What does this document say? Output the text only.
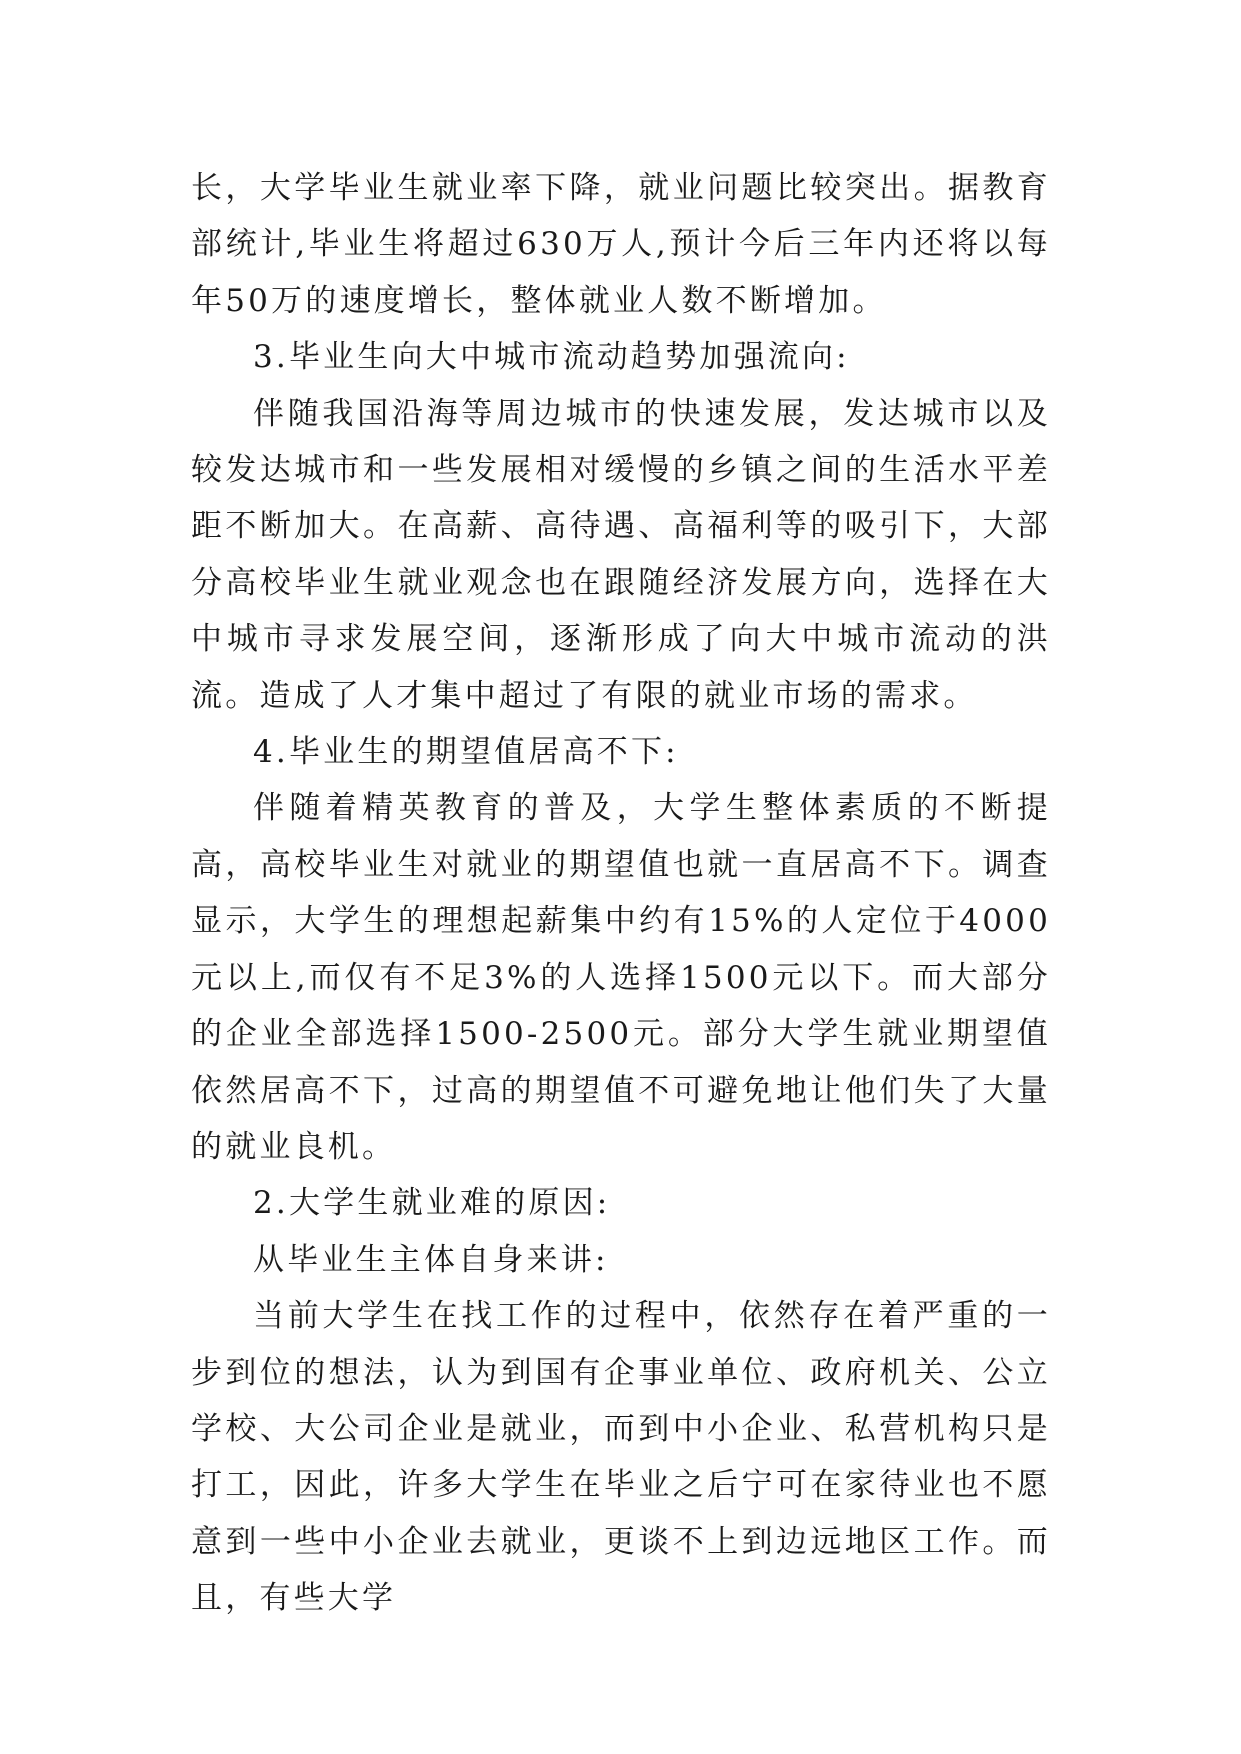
长，大学毕业生就业率下降，就业问题比较突出。据教育部统计,毕业生将超过630万人,预计今后三年内还将以每年50万的速度增长，整体就业人数不断增加。

3.毕业生向大中城市流动趋势加强流向:

伴随我国沿海等周边城市的快速发展，发达城市以及较发达城市和一些发展相对缓慢的乡镇之间的生活水平差距不断加大。在高薪、高待遇、高福利等的吸引下，大部分高校毕业生就业观念也在跟随经济发展方向，选择在大中城市寻求发展空间，逐渐形成了向大中城市流动的洪流。造成了人才集中超过了有限的就业市场的需求。

4.毕业生的期望值居高不下:

伴随着精英教育的普及，大学生整体素质的不断提高，高校毕业生对就业的期望值也就一直居高不下。调查显示，大学生的理想起薪集中约有15%的人定位于4000元以上,而仅有不足3%的人选择1500元以下。而大部分的企业全部选择1500-2500元。部分大学生就业期望值依然居高不下，过高的期望值不可避免地让他们失了大量的就业良机。

2.大学生就业难的原因:

从毕业生主体自身来讲:

当前大学生在找工作的过程中，依然存在着严重的一步到位的想法，认为到国有企事业单位、政府机关、公立学校、大公司企业是就业，而到中小企业、私营机构只是打工，因此，许多大学生在毕业之后宁可在家待业也不愿意到一些中小企业去就业，更谈不上到边远地区工作。而且，有些大学
